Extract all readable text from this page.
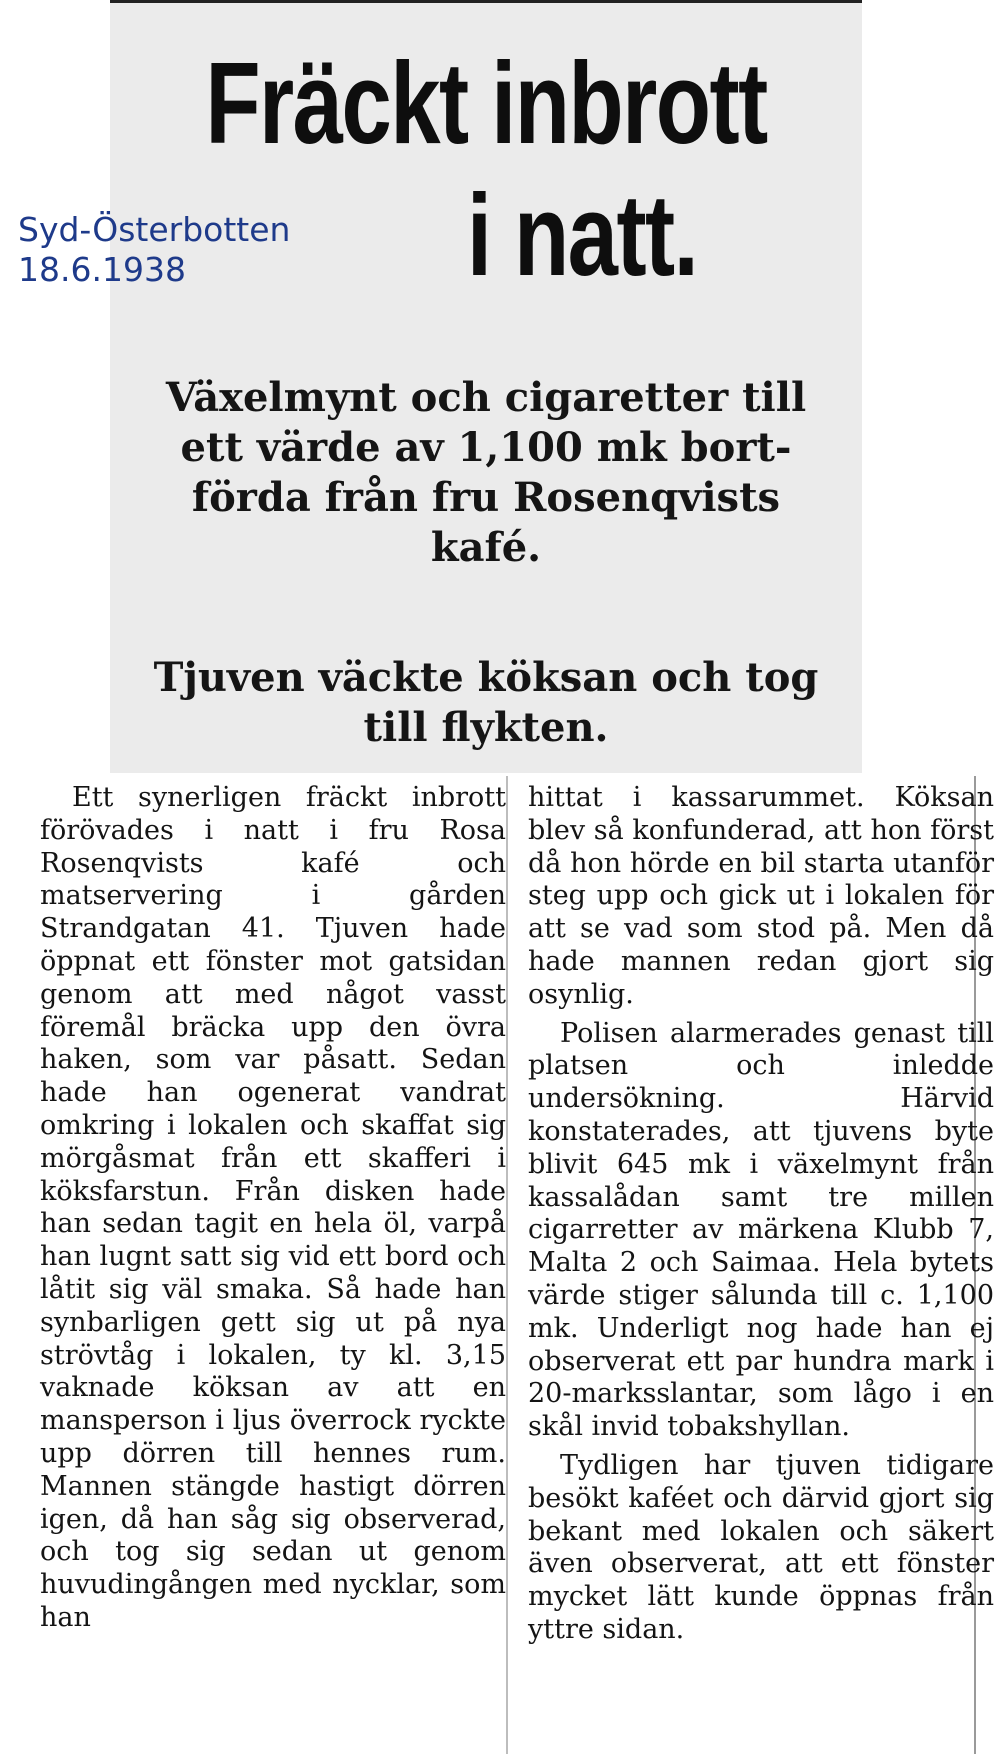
Fräckt inbrott
i natt.
Växelmynt och cigaretter till
ett värde av 1,100 mk bort-
förda från fru Rosenqvists
kafé.
Tjuven väckte köksan och tog
till flykten.
Syd-Österbotten
18.6.1938

Ett synerligen fräckt inbrott förövades i natt i fru Rosa Rosenqvists kafé och matservering i gården Strandgatan 41. Tjuven hade öppnat ett fönster mot gatsidan genom att med något vasst föremål bräcka upp den övra haken, som var påsatt. Sedan hade han ogenerat vandrat omkring i lokalen och skaffat sig mörgåsmat från ett skafferi i köksfarstun. Från disken hade han sedan tagit en hela öl, varpå han lugnt satt sig vid ett bord och låtit sig väl smaka. Så hade han synbarligen gett sig ut på nya strövtåg i lokalen, ty kl. 3,15 vaknade köksan av att en mansperson i ljus överrock ryckte upp dörren till hennes rum. Mannen stängde hastigt dörren igen, då han såg sig observerad, och tog sig sedan ut genom huvudingången med nycklar, som han

hittat i kassarummet. Köksan blev så konfunderad, att hon först då hon hörde en bil starta utanför steg upp och gick ut i lokalen för att se vad som stod på. Men då hade mannen redan gjort sig osynlig.

Polisen alarmerades genast till platsen och inledde undersökning. Härvid konstaterades, att tjuvens byte blivit 645 mk i växelmynt från kassalådan samt tre millen cigarretter av märkena Klubb 7, Malta 2 och Saimaa. Hela bytets värde stiger sålunda till c. 1,100 mk. Underligt nog hade han ej observerat ett par hundra mark i 20-marksslantar, som lågo i en skål invid tobakshyllan.

Tydligen har tjuven tidigare besökt kaféet och därvid gjort sig bekant med lokalen och säkert även observerat, att ett fönster mycket lätt kunde öppnas från yttre sidan.
